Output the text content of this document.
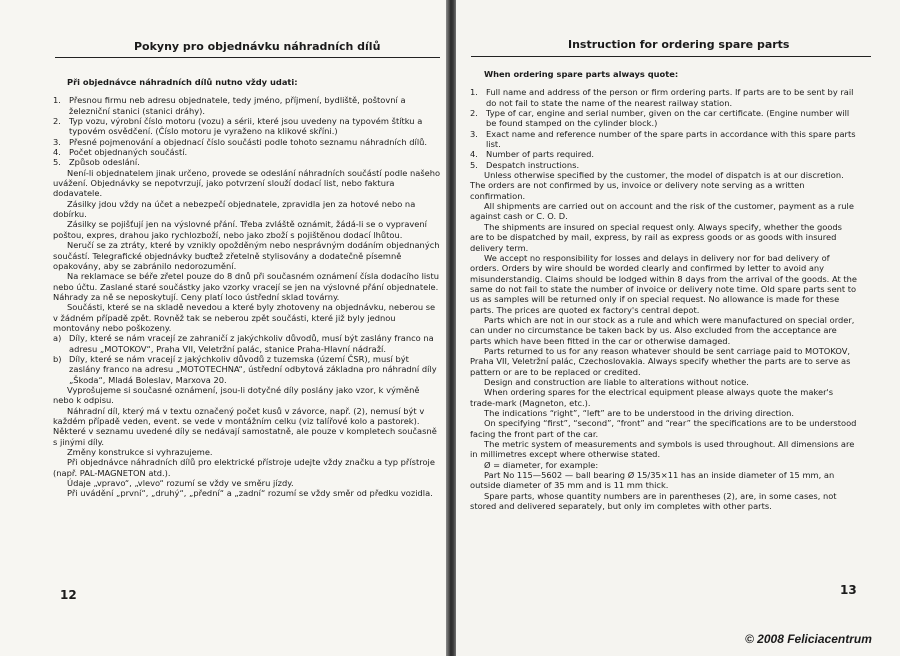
Pokyny pro objednávku náhradních dílů

Při objednávce náhradních dílů nutno vždy udati:

1. Přesnou firmu neb adresu objednatele, tedy jméno, příjmení, bydliště, poštovní a železniční stanici (stanici dráhy).
2. Typ vozu, výrobní číslo motoru (vozu) a sérii, které jsou uvedeny na typovém štítku a typovém osvědčení. (Číslo motoru je vyraženo na klikové skříni.)
3. Přesné pojmenování a objednací číslo součásti podle tohoto seznamu náhradních dílů.
4. Počet objednaných součástí.
5. Způsob odeslání.

Není-li objednatelem jinak určeno, provede se odeslání náhradních součástí podle našeho uvážení. Objednávky se nepotvrzují, jako potvrzení slouží dodací list, nebo faktura dodavatele.

Zásilky jdou vždy na účet a nebezpečí objednatele, zpravidla jen za hotové nebo na dobírku.

Zásilky se pojišťují jen na výslovné přání. Třeba zvláště oznámit, žádá-li se o vypravení poštou, expres, drahou jako rychlozboží, nebo jako zboží s pojištěnou dodací lhůtou.

Neručí se za ztráty, které by vznikly opožděným nebo nesprávným dodáním objednaných součástí. Telegrafické objednávky buďtež zřetelně stylisovány a dodatečně písemně opakovány, aby se zabránilo nedorozumění.

Na reklamace se béře zřetel pouze do 8 dnů při současném oznámení čísla dodacího listu nebo účtu. Zaslané staré součástky jako vzorky vracejí se jen na výslovné přání objednatele. Náhrady za ně se neposkytují. Ceny platí loco ústřední sklad továrny.

Součásti, které se na skladě nevedou a které byly zhotoveny na objednávku, neberou se v žádném případě zpět. Rovněž tak se neberou zpět součásti, které již byly jednou montovány nebo poškozeny.

a) Díly, které se nám vracejí ze zahraničí z jakýchkoliv důvodů, musí být zaslány franco na adresu „MOTOKOV“, Praha VII, Veletržní palác, stanice Praha-Hlavní nádraží.
b) Díly, které se nám vracejí z jakýchkoliv důvodů z tuzemska (území ČSR), musí být zaslány franco na adresu „MOTOTECHNA“, ústřední odbytová základna pro náhradní díly „Škoda“, Mladá Boleslav, Marxova 20.

Vyprošujeme si současné oznámení, jsou-li dotyčné díly poslány jako vzor, k výměně nebo k odpisu.

Náhradní díl, který má v textu označený počet kusů v závorce, např. (2), nemusí být v každém případě veden, event. se vede v montážním celku (viz talířové kolo a pastorek). Některé v seznamu uvedené díly se nedávají samostatně, ale pouze v kompletech současně s jinými díly.

Změny konstrukce si vyhrazujeme.

Při objednávce náhradních dílů pro elektrické přístroje udejte vždy značku a typ přístroje (např. PAL-MAGNETON atd.).

Údaje „vpravo“, „vlevo“ rozumí se vždy ve směru jízdy.

Při uvádění „první“, „druhý“, „přední“ a „zadní“ rozumí se vždy směr od předku vozidla.

12
Instruction for ordering spare parts

When ordering spare parts always quote:

1. Full name and address of the person or firm ordering parts. If parts are to be sent by rail do not fail to state the name of the nearest railway station.
2. Type of car, engine and serial number, given on the car certificate. (Engine number will be found stamped on the cylinder block.)
3. Exact name and reference number of the spare parts in accordance with this spare parts list.
4. Number of parts required.
5. Despatch instructions.

Unless otherwise specified by the customer, the model of dispatch is at our discretion. The orders are not confirmed by us, invoice or delivery note serving as a written confirmation.

All shipments are carried out on account and the risk of the customer, payment as a rule against cash or C. O. D.

The shipments are insured on special request only. Always specify, whether the goods are to be dispatched by mail, express, by rail as express goods or as goods with insured delivery term.

We accept no responsibility for losses and delays in delivery nor for bad delivery of orders. Orders by wire should be worded clearly and confirmed by letter to avoid any misunderstandig. Claims should be lodged within 8 days from the arrival of the goods. At the same do not fail to state the number of invoice or delivery note time. Old spare parts sent to us as samples will be returned only if on special request. No allowance is made for these parts. The prices are quoted ex factory's central depot.

Parts which are not in our stock as a rule and which were manufactured on special order, can under no circumstance be taken back by us. Also excluded from the acceptance are parts which have been fitted in the car or otherwise damaged.

Parts returned to us for any reason whatever should be sent carriage paid to MOTOKOV, Praha VII, Veletržní palác, Czechoslovakia. Always specify whether the parts are to serve as pattern or are to be replaced or credited.

Design and construction are liable to alterations without notice.

When ordering spares for the electrical equipment please always quote the maker's trade-mark (Magneton, etc.).

The indications “right”, “left” are to be understood in the driving direction.

On specifying “first”, “second”, “front” and “rear” the specifications are to be understood facing the front part of the car.

The metric system of measurements and symbols is used throughout. All dimensions are in millimetres except where otherwise stated.

Ø = diameter, for example:

Part No 115—5602 — ball bearing Ø 15/35×11 has an inside diameter of 15 mm, an outside diameter of 35 mm and is 11 mm thick.

Spare parts, whose quantity numbers are in parentheses (2), are, in some cases, not stored and delivered separately, but only im completes with other parts.

13
© 2008 Feliciacentrum
